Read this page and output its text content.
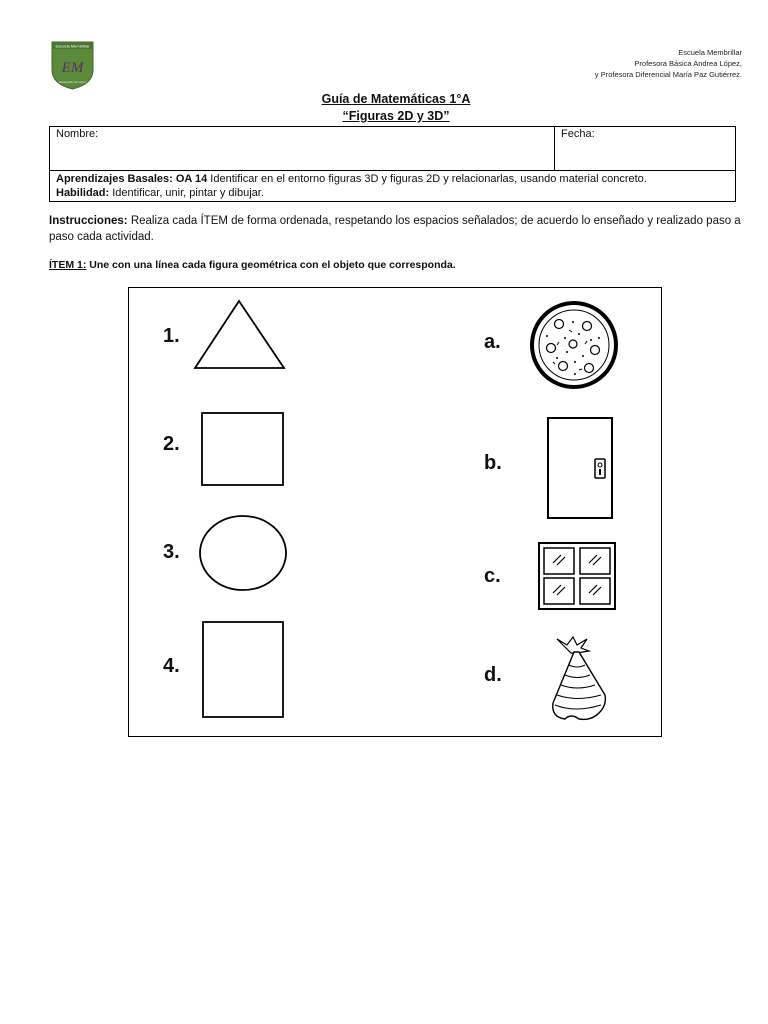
Escuela Membrillar
EM
Educando con amor
Escuela Membrillar
Profesora Básica Andrea López,
y Profesora Diferencial María Paz Gutiérrez.
Guía de Matemáticas 1°A
“Figuras 2D y 3D”
Nombre:	Fecha:

Aprendizajes Basales: OA 14 Identificar en el entorno figuras 3D y figuras 2D y relacionarlas, usando material concreto.
Habilidad: Identificar, unir, pintar y dibujar.
Instrucciones: Realiza cada ÍTEM de forma ordenada, respetando los espacios señalados; de acuerdo lo enseñado y realizado paso a paso cada actividad.
ÍTEM 1: Une con una línea cada figura geométrica con el objeto que corresponda.
1.
2.
3.
4.
a.
b.
c.
d.
